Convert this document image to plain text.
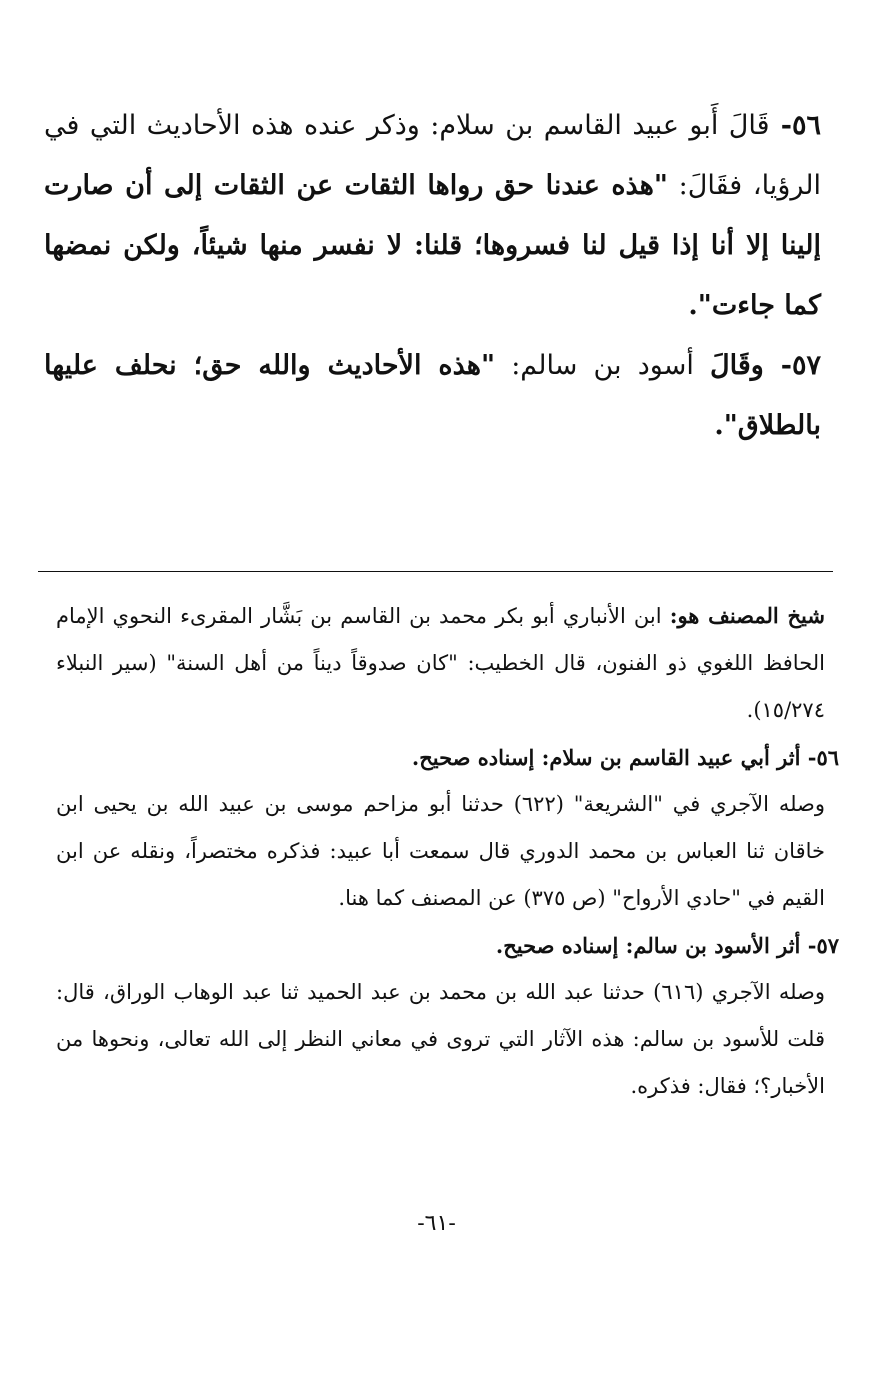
٥٦- قَالَ أَبو عبيد القاسم بن سلام: وذكر عنده هذه الأحاديث التي في الرؤيا، فقَالَ: "هذه عندنا حق رواها الثقات عن الثقات إلى أن صارت إلينا إلا أنا إذا قيل لنا فسروها؛ قلنا: لا نفسر منها شيئاً، ولكن نمضها كما جاءت".

٥٧- وقَالَ أسود بن سالم: "هذه الأحاديث والله حق؛ نحلف عليها بالطلاق".

شيخ المصنف هو: ابن الأنباري أبو بكر محمد بن القاسم بن بَشَّار المقرىء النحوي الإمام الحافظ اللغوي ذو الفنون، قال الخطيب: "كان صدوقاً ديناً من أهل السنة" (سير النبلاء ١٥/٢٧٤).

٥٦- أثر أبي عبيد القاسم بن سلام: إسناده صحيح.

وصله الآجري في "الشريعة" (٦٢٢) حدثنا أبو مزاحم موسى بن عبيد الله بن يحيى ابن خاقان ثنا العباس بن محمد الدوري قال سمعت أبا عبيد: فذكره مختصراً، ونقله عن ابن القيم في "حادي الأرواح" (ص ٣٧٥) عن المصنف كما هنا.

٥٧- أثر الأسود بن سالم: إسناده صحيح.

وصله الآجري (٦١٦) حدثنا عبد الله بن محمد بن عبد الحميد ثنا عبد الوهاب الوراق، قال: قلت للأسود بن سالم: هذه الآثار التي تروى في معاني النظر إلى الله تعالى، ونحوها من الأخبار؟؛ فقال: فذكره.

-٦١-
